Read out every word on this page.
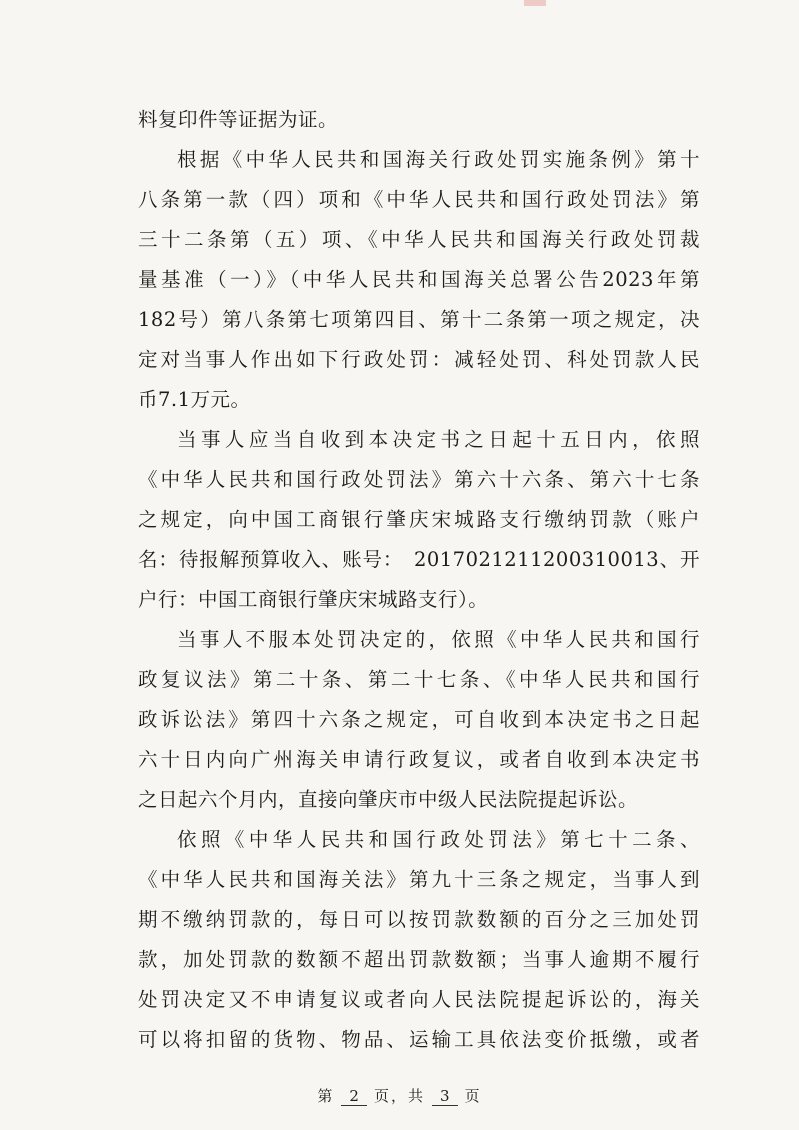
料复印件等证据为证。
根据《中华人民共和国海关行政处罚实施条例》第十
八条第一款（四）项和《中华人民共和国行政处罚法》第
三十二条第（五）项、《中华人民共和国海关行政处罚裁
量基准（一）》（中华人民共和国海关总署公告2023年第
182号）第八条第七项第四目、第十二条第一项之规定，决
定对当事人作出如下行政处罚：减轻处罚、科处罚款人民
币7.1万元。
当事人应当自收到本决定书之日起十五日内，依照
《中华人民共和国行政处罚法》第六十六条、第六十七条
之规定，向中国工商银行肇庆宋城路支行缴纳罚款（账户
名：待报解预算收入、账号：　2017021211200310013、开
户行：中国工商银行肇庆宋城路支行）。
当事人不服本处罚决定的，依照《中华人民共和国行
政复议法》第二十条、第二十七条、《中华人民共和国行
政诉讼法》第四十六条之规定，可自收到本决定书之日起
六十日内向广州海关申请行政复议，或者自收到本决定书
之日起六个月内，直接向肇庆市中级人民法院提起诉讼。
依照《中华人民共和国行政处罚法》第七十二条、
《中华人民共和国海关法》第九十三条之规定，当事人到
期不缴纳罚款的，每日可以按罚款数额的百分之三加处罚
款，加处罚款的数额不超出罚款数额；当事人逾期不履行
处罚决定又不申请复议或者向人民法院提起诉讼的，海关
可以将扣留的货物、物品、运输工具依法变价抵缴，或者
第 2 页，共 3 页
